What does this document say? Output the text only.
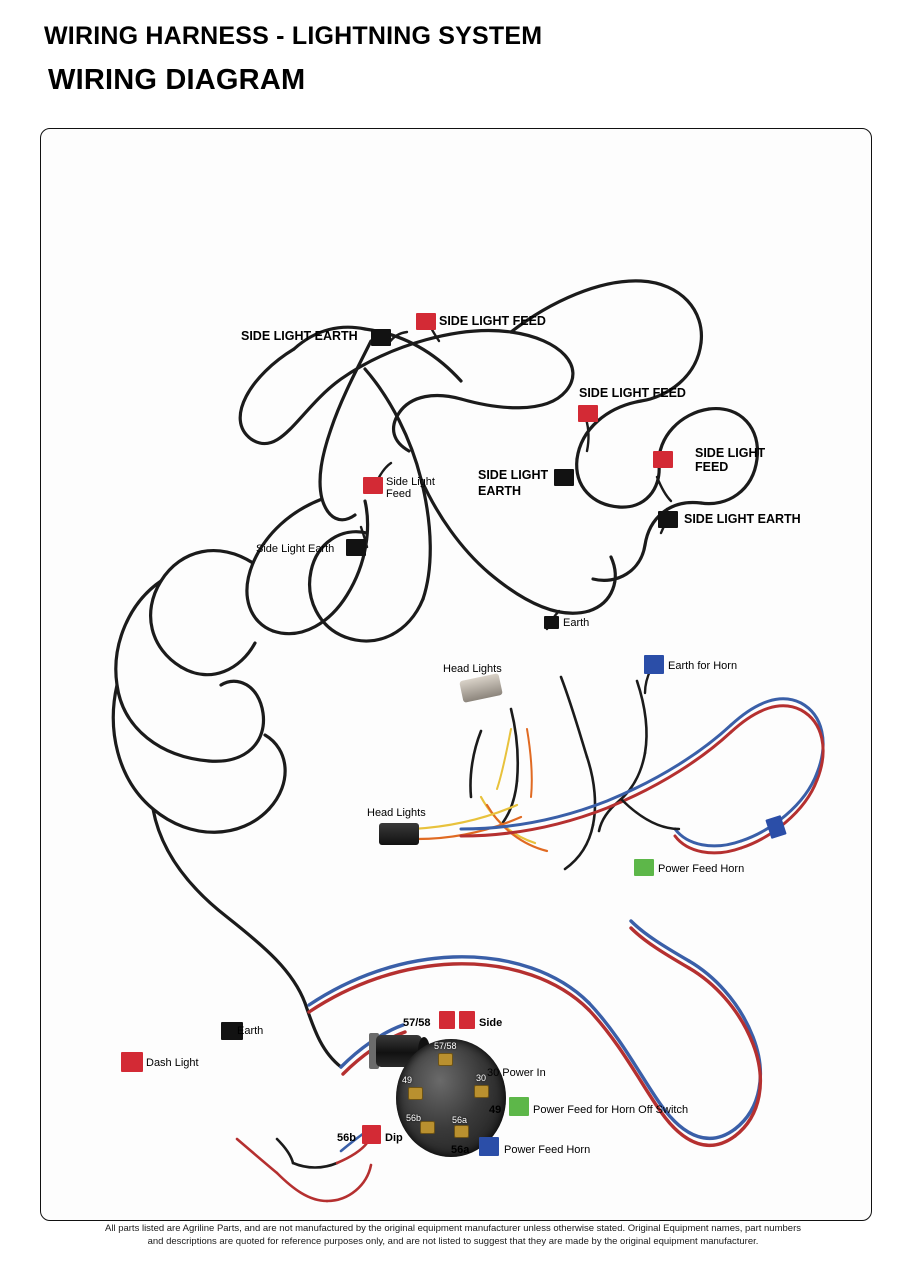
WIRING HARNESS - LIGHTNING SYSTEM
WIRING DIAGRAM
SIDE LIGHT EARTH
SIDE LIGHT FEED
SIDE LIGHT FEED
SIDE LIGHT
FEED
SIDE LIGHT
EARTH
SIDE LIGHT EARTH
Side Light
Feed
Side Light Earth
Earth
Earth for Horn
Head Lights
Head Lights
Power Feed Horn
Earth
Dash Light
57/58
30
49
56b	56a
57/58	Side
30 Power In
49	Power Feed for Horn Off Switch
56b	Dip
56a	Power Feed Horn
All parts listed are Agriline Parts, and are not manufactured by the original equipment manufacturer unless otherwise stated. Original Equipment names, part numbers
and descriptions are quoted for reference purposes only, and are not listed to suggest that they are made by the original equipment manufacturer.
